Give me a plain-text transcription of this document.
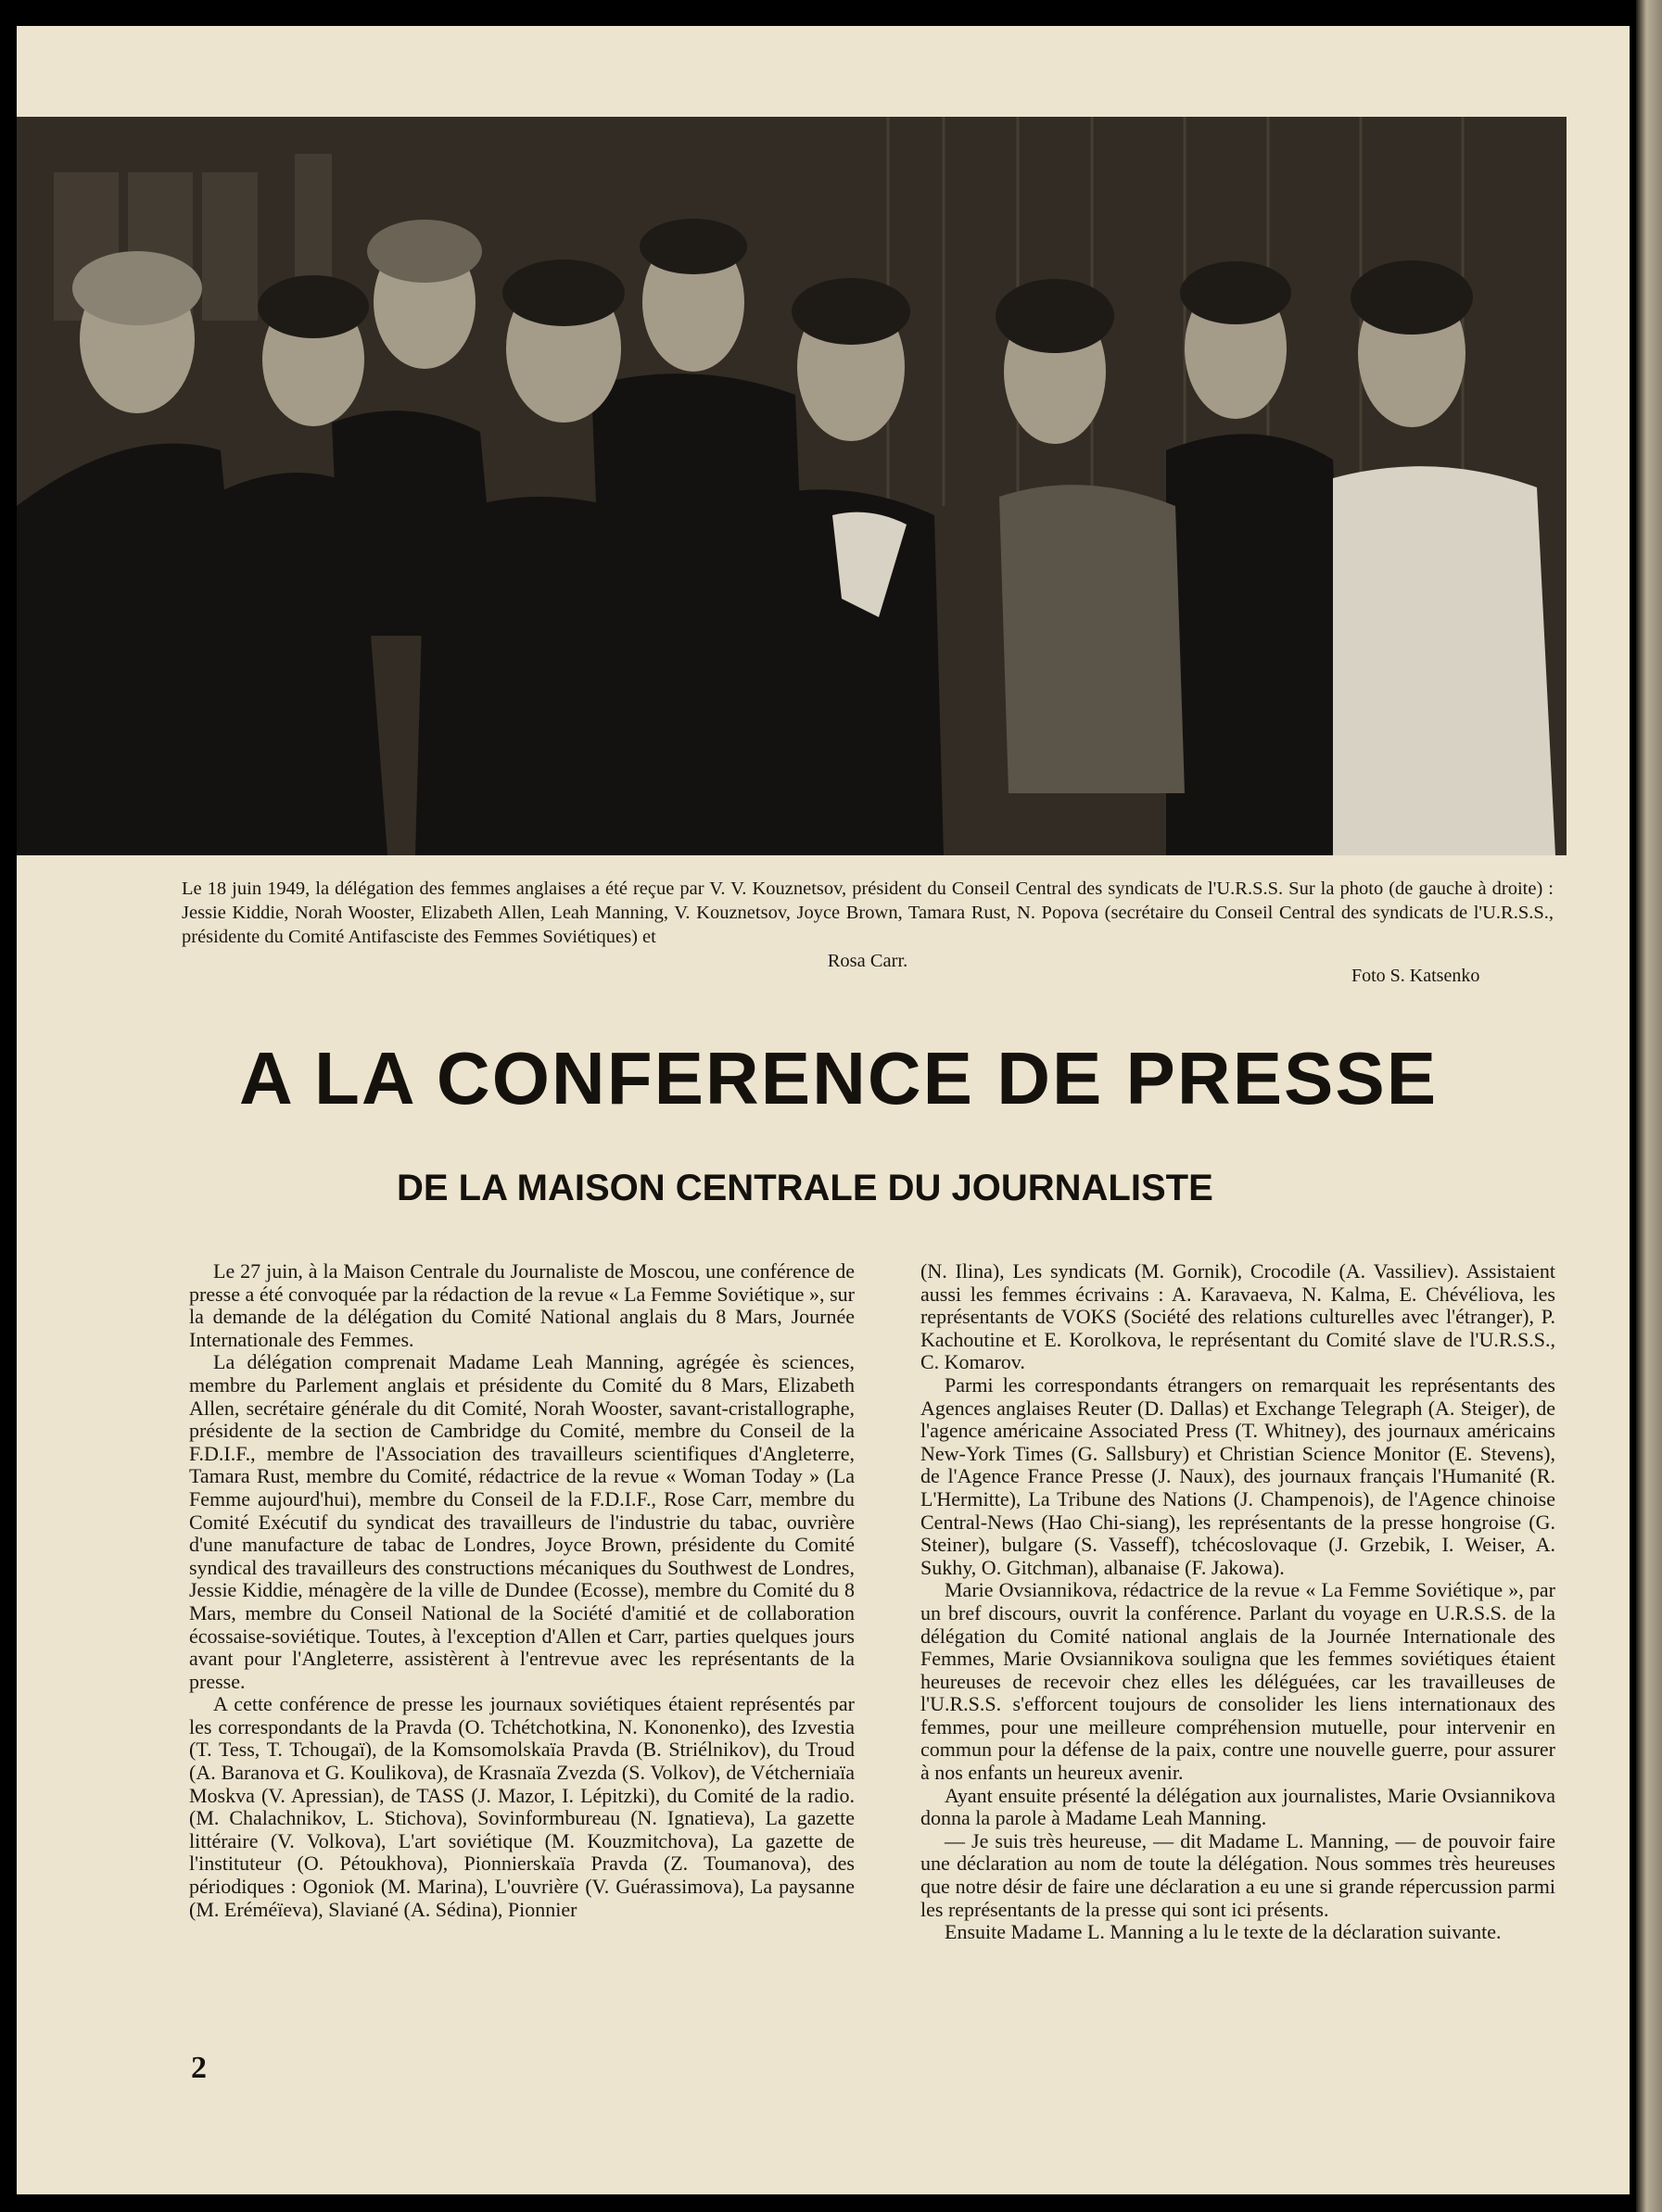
Le 18 juin 1949, la délégation des femmes anglaises a été reçue par V. V. Kouznetsov, président du Conseil Central des syndicats de l'U.R.S.S. Sur la photo (de gauche à droite) : Jessie Kiddie, Norah Wooster, Elizabeth Allen, Leah Manning, V. Kouznetsov, Joyce Brown, Tamara Rust, N. Popova (secrétaire du Conseil Central des syndicats de l'U.R.S.S., présidente du Comité Antifasciste des Femmes Soviétiques) et
Rosa Carr.
Foto S. Katsenko
A LA CONFERENCE DE PRESSE
DE LA MAISON CENTRALE DU JOURNALISTE

Le 27 juin, à la Maison Centrale du Journaliste de Moscou, une conférence de presse a été convoquée par la rédaction de la revue « La Femme Soviétique », sur la demande de la délégation du Comité National anglais du 8 Mars, Journée Internationale des Femmes.

La délégation comprenait Madame Leah Manning, agrégée ès sciences, membre du Parlement anglais et présidente du Comité du 8 Mars, Elizabeth Allen, secrétaire générale du dit Comité, Norah Wooster, savant-cristallographe, présidente de la section de Cambridge du Comité, membre du Conseil de la F.D.I.F., membre de l'Association des travailleurs scientifiques d'Angleterre, Tamara Rust, membre du Comité, rédactrice de la revue « Woman Today » (La Femme aujourd'hui), membre du Conseil de la F.D.I.F., Rose Carr, membre du Comité Exécutif du syndicat des travailleurs de l'industrie du tabac, ouvrière d'une manufacture de tabac de Londres, Joyce Brown, présidente du Comité syndical des travailleurs des constructions mécaniques du Southwest de Londres, Jessie Kiddie, ménagère de la ville de Dundee (Ecosse), membre du Comité du 8 Mars, membre du Conseil National de la Société d'amitié et de collaboration écossaise-soviétique. Toutes, à l'exception d'Allen et Carr, parties quelques jours avant pour l'Angleterre, assistèrent à l'entrevue avec les représentants de la presse.

A cette conférence de presse les journaux soviétiques étaient représentés par les correspondants de la Pravda (O. Tchétchotkina, N. Kononenko), des Izvestia (T. Tess, T. Tchougaï), de la Komsomolskaïa Pravda (B. Striélnikov), du Troud (A. Baranova et G. Koulikova), de Krasnaïa Zvezda (S. Volkov), de Vétcherniaïa Moskva (V. Apressian), de TASS (J. Mazor, I. Lépitzki), du Comité de la radio. (M. Chalachnikov, L. Stichova), Sovinformbureau (N. Ignatieva), La gazette littéraire (V. Volkova), L'art soviétique (M. Kouzmitchova), La gazette de l'instituteur (O. Pétoukhova), Pionnierskaïa Pravda (Z. Toumanova), des périodiques : Ogoniok (M. Marina), L'ouvrière (V. Guérassimova), La paysanne (M. Eréméïeva), Slaviané (A. Sédina), Pionnier

(N. Ilina), Les syndicats (M. Gornik), Crocodile (A. Vassiliev). Assistaient aussi les femmes écrivains : A. Karavaeva, N. Kalma, E. Chévéliova, les représentants de VOKS (Société des relations culturelles avec l'étranger), P. Kachoutine et E. Korolkova, le représentant du Comité slave de l'U.R.S.S., C. Komarov.

Parmi les correspondants étrangers on remarquait les représentants des Agences anglaises Reuter (D. Dallas) et Exchange Telegraph (A. Steiger), de l'agence américaine Associated Press (T. Whitney), des journaux américains New-York Times (G. Sallsbury) et Christian Science Monitor (E. Stevens), de l'Agence France Presse (J. Naux), des journaux français l'Humanité (R. L'Hermitte), La Tribune des Nations (J. Champenois), de l'Agence chinoise Central-News (Hao Chi-siang), les représentants de la presse hongroise (G. Steiner), bulgare (S. Vasseff), tchécoslovaque (J. Grzebik, I. Weiser, A. Sukhy, O. Gitchman), albanaise (F. Jakowa).

Marie Ovsiannikova, rédactrice de la revue « La Femme Soviétique », par un bref discours, ouvrit la conférence. Parlant du voyage en U.R.S.S. de la délégation du Comité national anglais de la Journée Internationale des Femmes, Marie Ovsiannikova souligna que les femmes soviétiques étaient heureuses de recevoir chez elles les déléguées, car les travailleuses de l'U.R.S.S. s'efforcent toujours de consolider les liens internationaux des femmes, pour une meilleure compréhension mutuelle, pour intervenir en commun pour la défense de la paix, contre une nouvelle guerre, pour assurer à nos enfants un heureux avenir.

Ayant ensuite présenté la délégation aux journalistes, Marie Ovsiannikova donna la parole à Madame Leah Manning.

— Je suis très heureuse, — dit Madame L. Manning, — de pouvoir faire une déclaration au nom de toute la délégation. Nous sommes très heureuses que notre désir de faire une déclaration a eu une si grande répercussion parmi les représentants de la presse qui sont ici présents.

Ensuite Madame L. Manning a lu le texte de la déclaration suivante.

2
